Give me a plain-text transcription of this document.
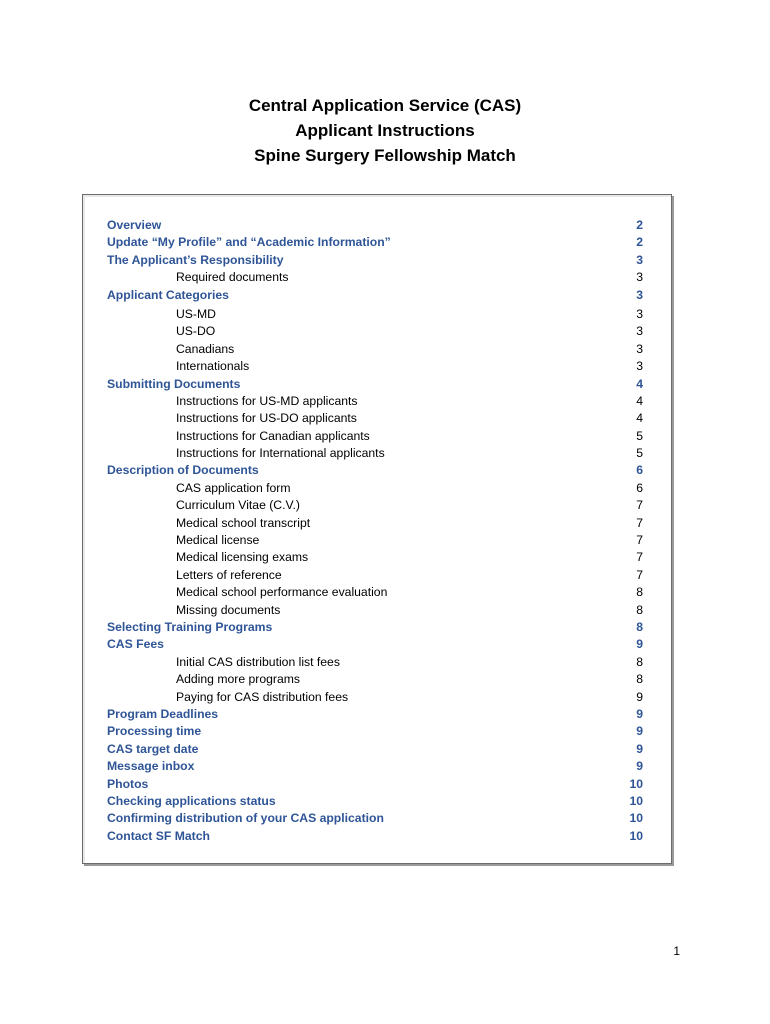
Central Application Service (CAS)
Applicant Instructions
Spine Surgery Fellowship Match
Overview	2
Update “My Profile” and “Academic Information”	2
The Applicant’s Responsibility	3
Required documents	3
Applicant Categories	3
US-MD	3
US-DO	3
Canadians	3
Internationals	3
Submitting Documents	4
Instructions for US-MD applicants	4
Instructions for US-DO applicants	4
Instructions for Canadian applicants	5
Instructions for International applicants	5
Description of Documents	6
CAS application form	6
Curriculum Vitae (C.V.)	7
Medical school transcript	7
Medical license	7
Medical licensing exams	7
Letters of reference	7
Medical school performance evaluation	8
Missing documents	8
Selecting Training Programs	8
CAS Fees	9
Initial CAS distribution list fees	8
Adding more programs	8
Paying for CAS distribution fees	9
Program Deadlines	9
Processing time	9
CAS target date	9
Message inbox	9
Photos	10
Checking applications status	10
Confirming distribution of your CAS application	10
Contact SF Match	10
1
